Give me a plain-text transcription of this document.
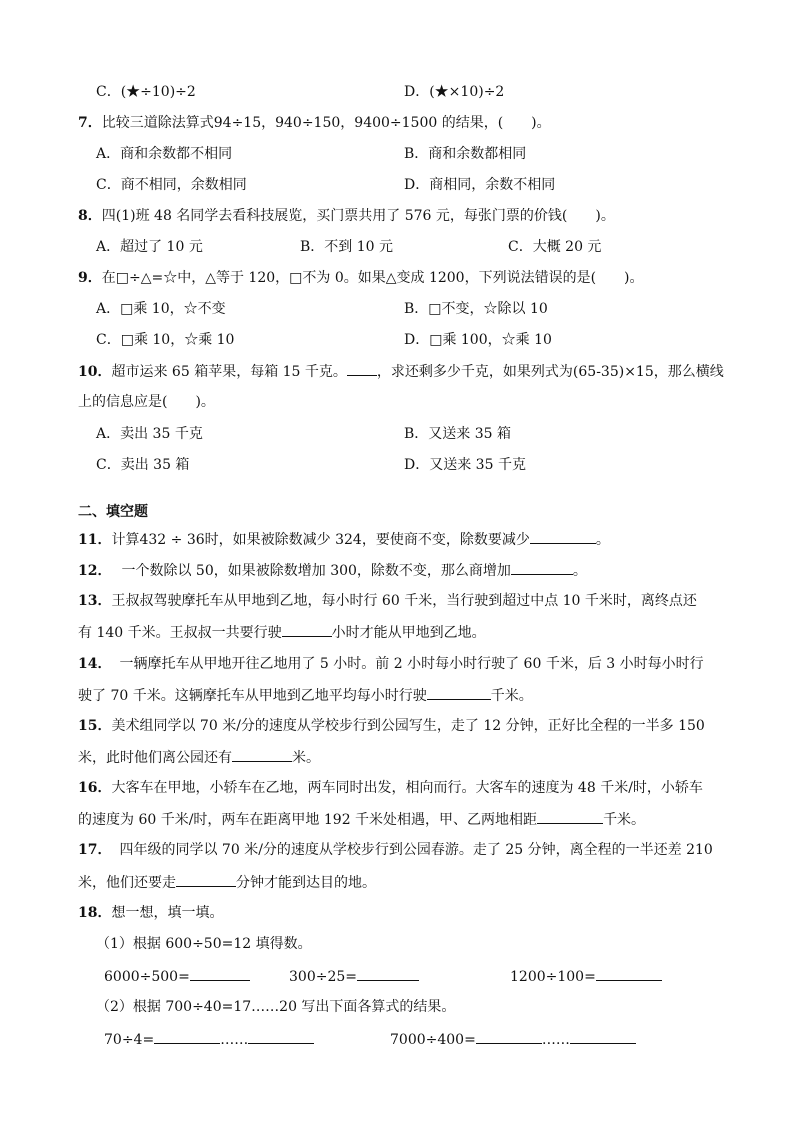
C．(★÷10)÷2	D．(★×10)÷2
7．比较三道除法算式94÷15，940÷150，9400÷1500 的结果，(　　)。
A．商和余数都不相同	B．商和余数都相同
C．商不相同，余数相同	D．商相同，余数不相同
8．四(1)班 48 名同学去看科技展览，买门票共用了 576 元，每张门票的价钱(　　)。
A．超过了 10 元	B．不到 10 元	C．大概 20 元
9．在□÷△=☆中，△等于 120，□不为 0。如果△变成 1200，下列说法错误的是(　　)。
A．□乘 10，☆不变	B．□不变，☆除以 10
C．□乘 10，☆乘 10	D．□乘 100，☆乘 10
10．超市运来 65 箱苹果，每箱 15 千克。 ，求还剩多少千克，如果列式为(65-35)×15，那么横线
上的信息应是(　　)。
A．卖出 35 千克	B．又送来 35 箱
C．卖出 35 箱	D．又送来 35 千克
二、填空题
11．计算432 ÷ 36时，如果被除数减少 324，要使商不变，除数要减少	。
12． 一个数除以 50，如果被除数增加 300，除数不变，那么商增加	。
13．王叔叔驾驶摩托车从甲地到乙地，每小时行 60 千米，当行驶到超过中点 10 千米时，离终点还
有 140 千米。王叔叔一共要行驶	小时才能从甲地到乙地。
14． 一辆摩托车从甲地开往乙地用了 5 小时。前 2 小时每小时行驶了 60 千米，后 3 小时每小时行
驶了 70 千米。这辆摩托车从甲地到乙地平均每小时行驶	千米。
15．美术组同学以 70 米/分的速度从学校步行到公园写生，走了 12 分钟，正好比全程的一半多 150
米，此时他们离公园还有	米。
16．大客车在甲地，小轿车在乙地，两车同时出发，相向而行。大客车的速度为 48 千米/时，小轿车
的速度为 60 千米/时，两车在距离甲地 192 千米处相遇，甲、乙两地相距	千米。
17． 四年级的同学以 70 米/分的速度从学校步行到公园春游。走了 25 分钟，离全程的一半还差 210
米，他们还要走	分钟才能到达目的地。
18．想一想，填一填。
（1）根据 600÷50=12 填得数。
6000÷500=	300÷25=	1200÷100=
（2）根据 700÷40=17……20 写出下面各算式的结果。
70÷4=	……	7000÷400=	……
